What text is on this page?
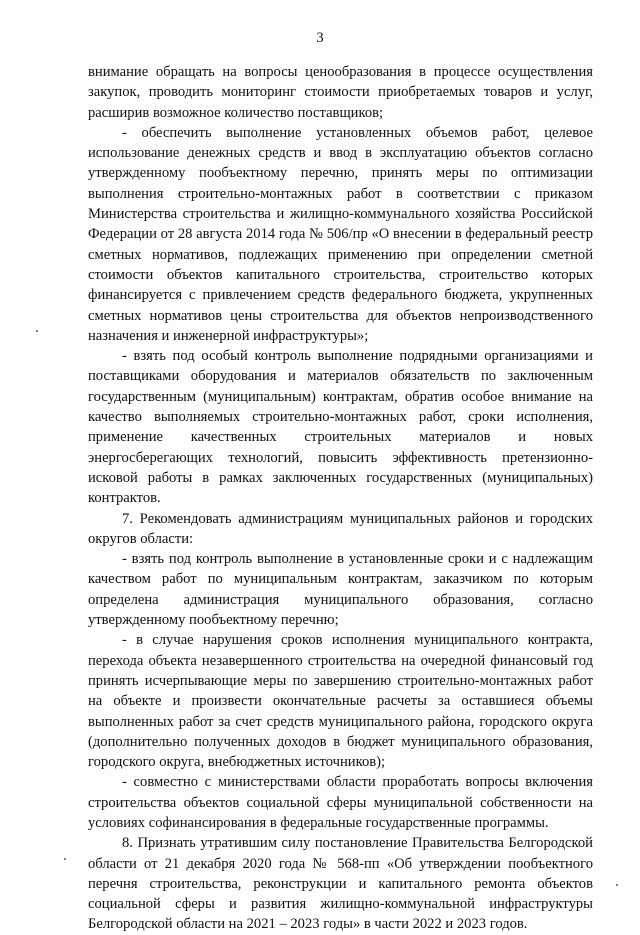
3

внимание обращать на вопросы ценообразования в процессе осуществления закупок, проводить мониторинг стоимости приобретаемых товаров и услуг, расширив возможное количество поставщиков;

- обеспечить выполнение установленных объемов работ, целевое использование денежных средств и ввод в эксплуатацию объектов согласно утвержденному пообъектному перечню, принять меры по оптимизации выполнения строительно-монтажных работ в соответствии с приказом Министерства строительства и жилищно-коммунального хозяйства Российской Федерации от 28 августа 2014 года № 506/пр «О внесении в федеральный реестр сметных нормативов, подлежащих применению при определении сметной стоимости объектов капитального строительства, строительство которых финансируется с привлечением средств федерального бюджета, укрупненных сметных нормативов цены строительства для объектов непроизводственного назначения и инженерной инфраструктуры»;

- взять под особый контроль выполнение подрядными организациями и поставщиками оборудования и материалов обязательств по заключенным государственным (муниципальным) контрактам, обратив особое внимание на качество выполняемых строительно-монтажных работ, сроки исполнения, применение качественных строительных материалов и новых энергосберегающих технологий, повысить эффективность претензионно-исковой работы в рамках заключенных государственных (муниципальных) контрактов.

7. Рекомендовать администрациям муниципальных районов и городских округов области:

- взять под контроль выполнение в установленные сроки и с надлежащим качеством работ по муниципальным контрактам, заказчиком по которым определена администрация муниципального образования, согласно утвержденному пообъектному перечню;

- в случае нарушения сроков исполнения муниципального контракта, перехода объекта незавершенного строительства на очередной финансовый год принять исчерпывающие меры по завершению строительно-монтажных работ на объекте и произвести окончательные расчеты за оставшиеся объемы выполненных работ за счет средств муниципального района, городского округа (дополнительно полученных доходов в бюджет муниципального образования, городского округа, внебюджетных источников);

- совместно с министерствами области проработать вопросы включения строительства объектов социальной сферы муниципальной собственности на условиях софинансирования в федеральные государственные программы.

8. Признать утратившим силу постановление Правительства Белгородской области от 21 декабря 2020 года № 568-пп «Об утверждении пообъектного перечня строительства, реконструкции и капитального ремонта объектов социальной сферы и развития жилищно-коммунальной инфраструктуры Белгородской области на 2021 – 2023 годы» в части 2022 и 2023 годов.
